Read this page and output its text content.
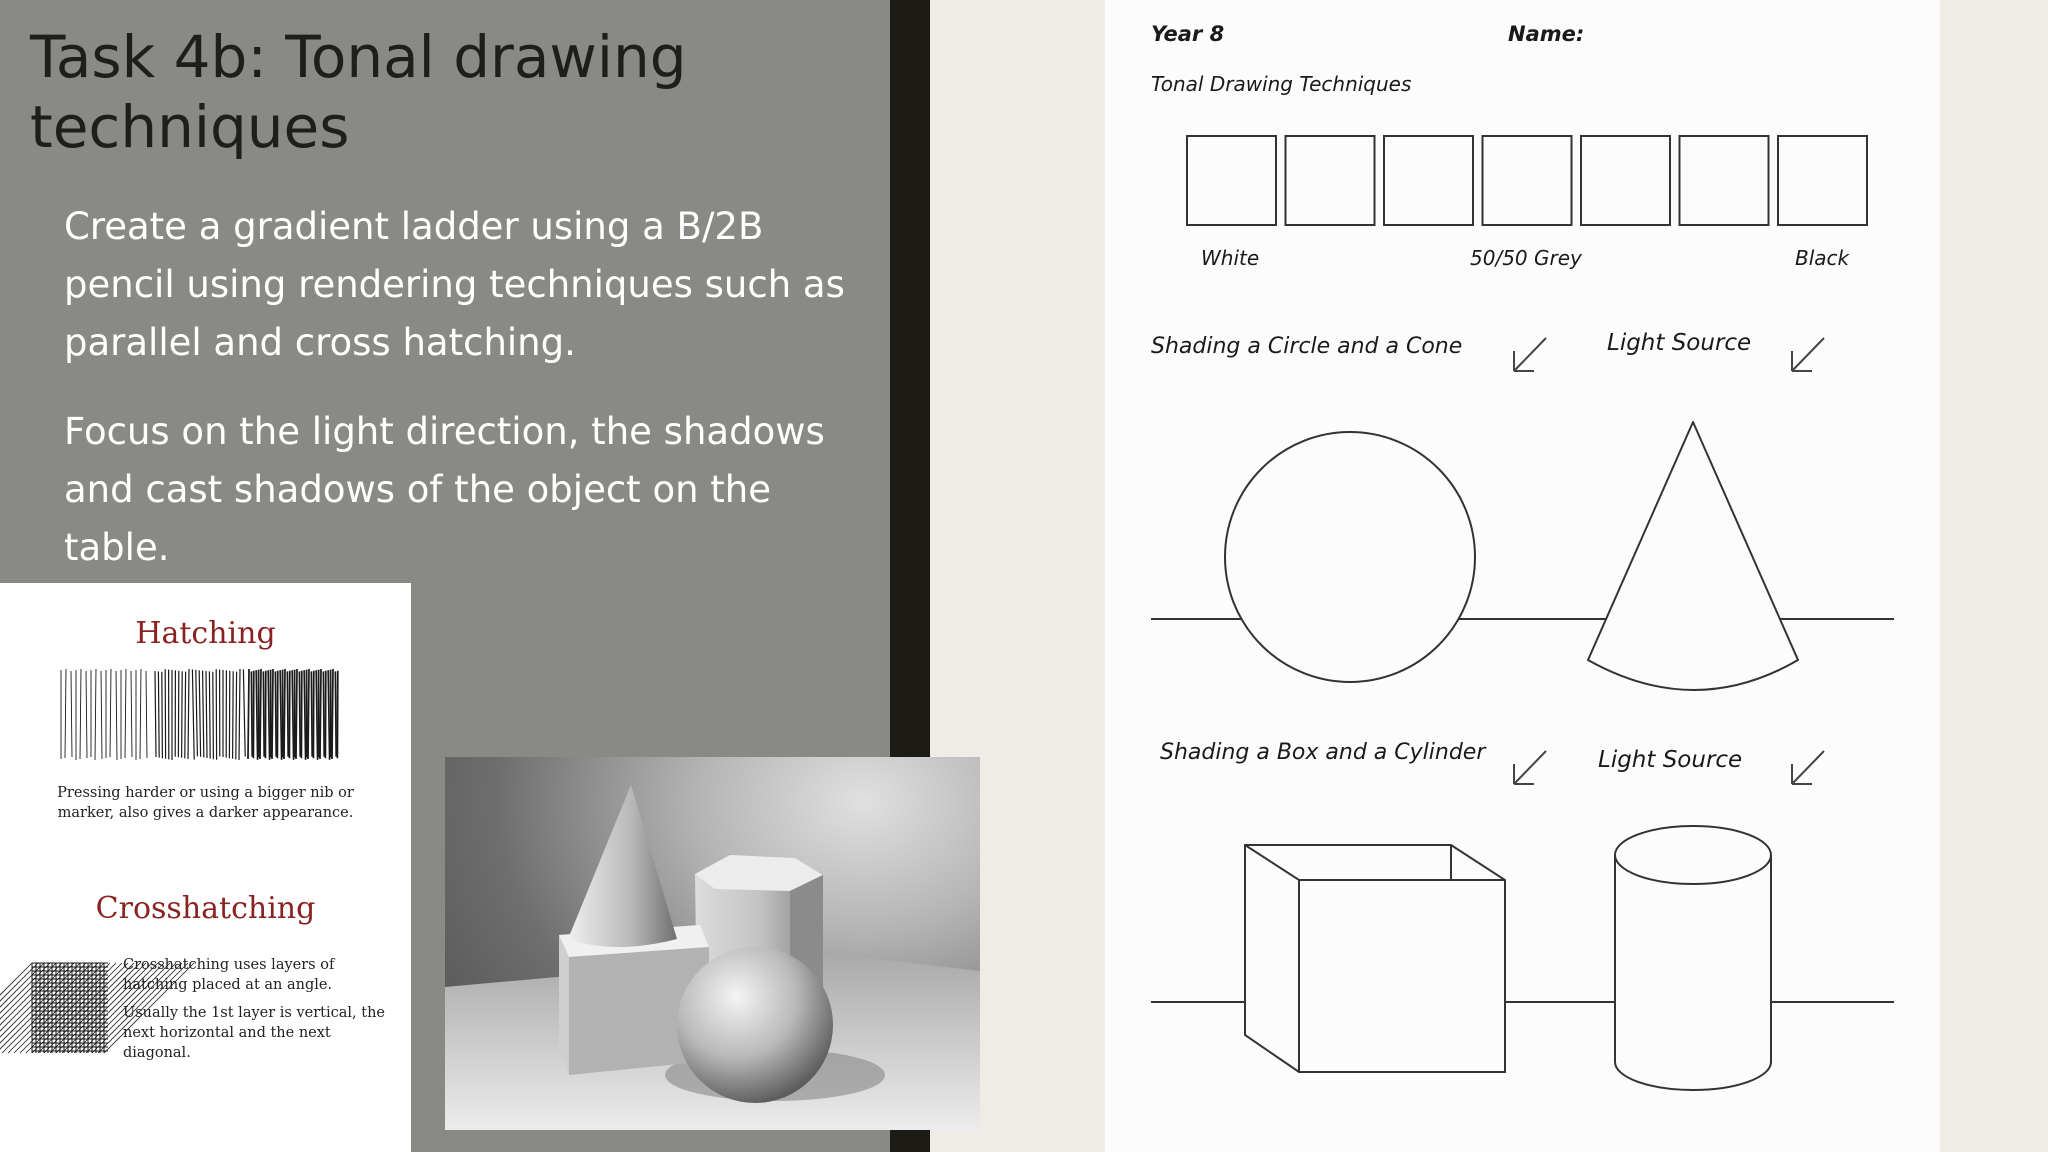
Task 4b: Tonal drawing techniques

Create a gradient ladder using a B/2B pencil using rendering techniques such as parallel and cross hatching.

Focus on the light direction, the shadows and cast shadows of the object on the table.

Hatching
Pressing harder or using a bigger nib or
marker, also gives a darker appearance.
Crosshatching
Crosshatching uses layers of
hatching placed at an angle.
Usually the 1st layer is vertical, the
next horizontal and the next
diagonal.
Year 8	Name:
Tonal Drawing Techniques
White	50/50 Grey	Black
Shading a Circle and a Cone	Light Source
Shading a Box and a Cylinder	Light Source
